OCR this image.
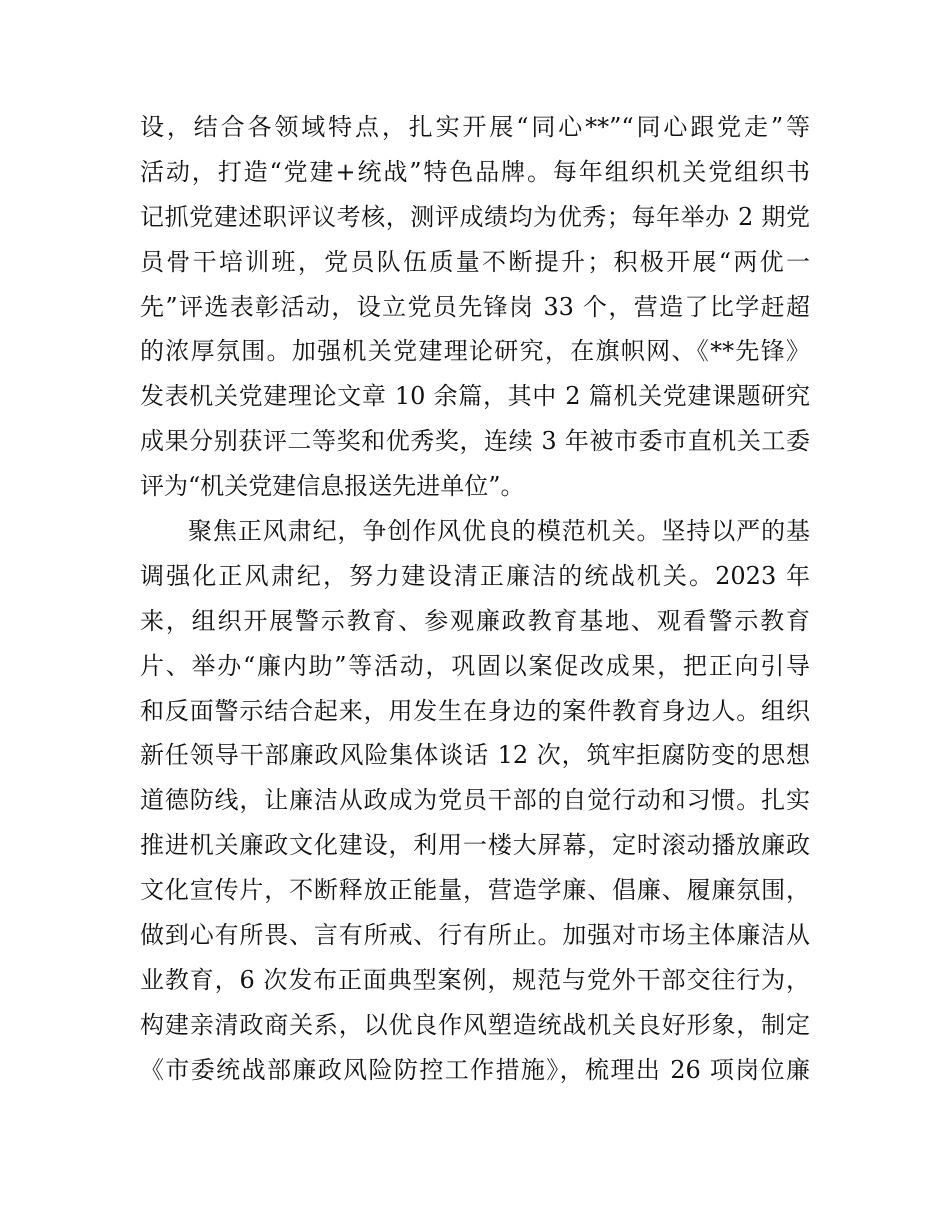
设，结合各领域特点，扎实开展“同心**”“同心跟党走”等
活动，打造“党建+统战”特色品牌。每年组织机关党组织书
记抓党建述职评议考核，测评成绩均为优秀；每年举办 2 期党
员骨干培训班，党员队伍质量不断提升；积极开展“两优一
先”评选表彰活动，设立党员先锋岗 33 个，营造了比学赶超
的浓厚氛围。加强机关党建理论研究，在旗帜网、《**先锋》
发表机关党建理论文章 10 余篇，其中 2 篇机关党建课题研究
成果分别获评二等奖和优秀奖，连续 3 年被市委市直机关工委
评为“机关党建信息报送先进单位”。
聚焦正风肃纪，争创作风优良的模范机关。坚持以严的基
调强化正风肃纪，努力建设清正廉洁的统战机关。2023 年
来，组织开展警示教育、参观廉政教育基地、观看警示教育
片、举办“廉内助”等活动，巩固以案促改成果，把正向引导
和反面警示结合起来，用发生在身边的案件教育身边人。组织
新任领导干部廉政风险集体谈话 12 次，筑牢拒腐防变的思想
道德防线，让廉洁从政成为党员干部的自觉行动和习惯。扎实
推进机关廉政文化建设，利用一楼大屏幕，定时滚动播放廉政
文化宣传片，不断释放正能量，营造学廉、倡廉、履廉氛围，
做到心有所畏、言有所戒、行有所止。加强对市场主体廉洁从
业教育，6 次发布正面典型案例，规范与党外干部交往行为，
构建亲清政商关系，以优良作风塑造统战机关良好形象，制定
《市委统战部廉政风险防控工作措施》，梳理出 26 项岗位廉
